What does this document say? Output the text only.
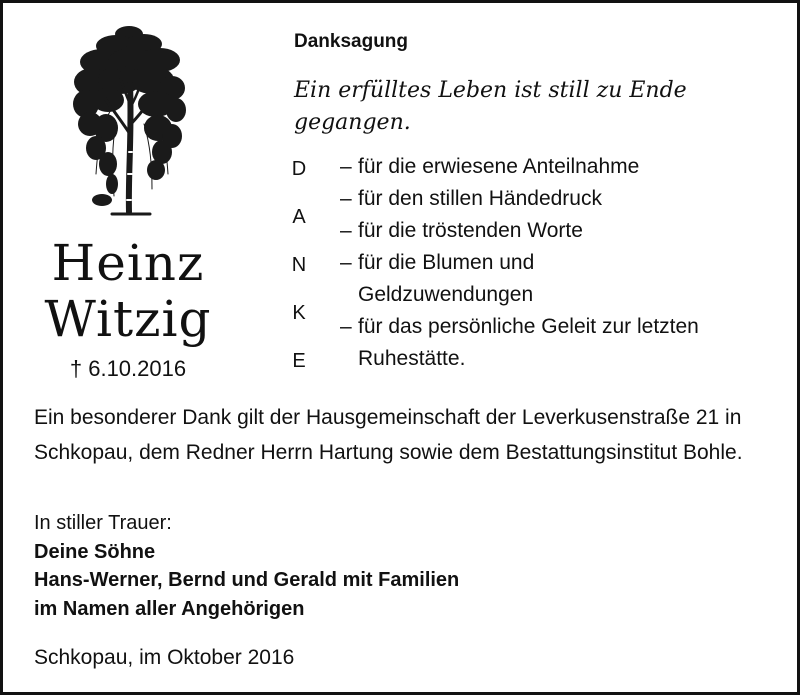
Heinz

Witzig

† 6.10.2016

Danksagung

Ein erfülltes Leben ist still zu Ende gegangen.

D
A
N
K
E
– für die erwiesene Anteilnahme
– für den stillen Händedruck
– für die tröstenden Worte
– für die Blumen und
Geldzuwendungen
– für das persönliche Geleit zur letzten
Ruhestätte.

Ein besonderer Dank gilt der Hausgemeinschaft der Leverkusenstraße 21 in Schkopau, dem Redner Herrn Hartung sowie dem Bestattungsinstitut Bohle.

In stiller Trauer:

Deine Söhne

Hans-Werner, Bernd und Gerald mit Familien

im Namen aller Angehörigen

Schkopau, im Oktober 2016
